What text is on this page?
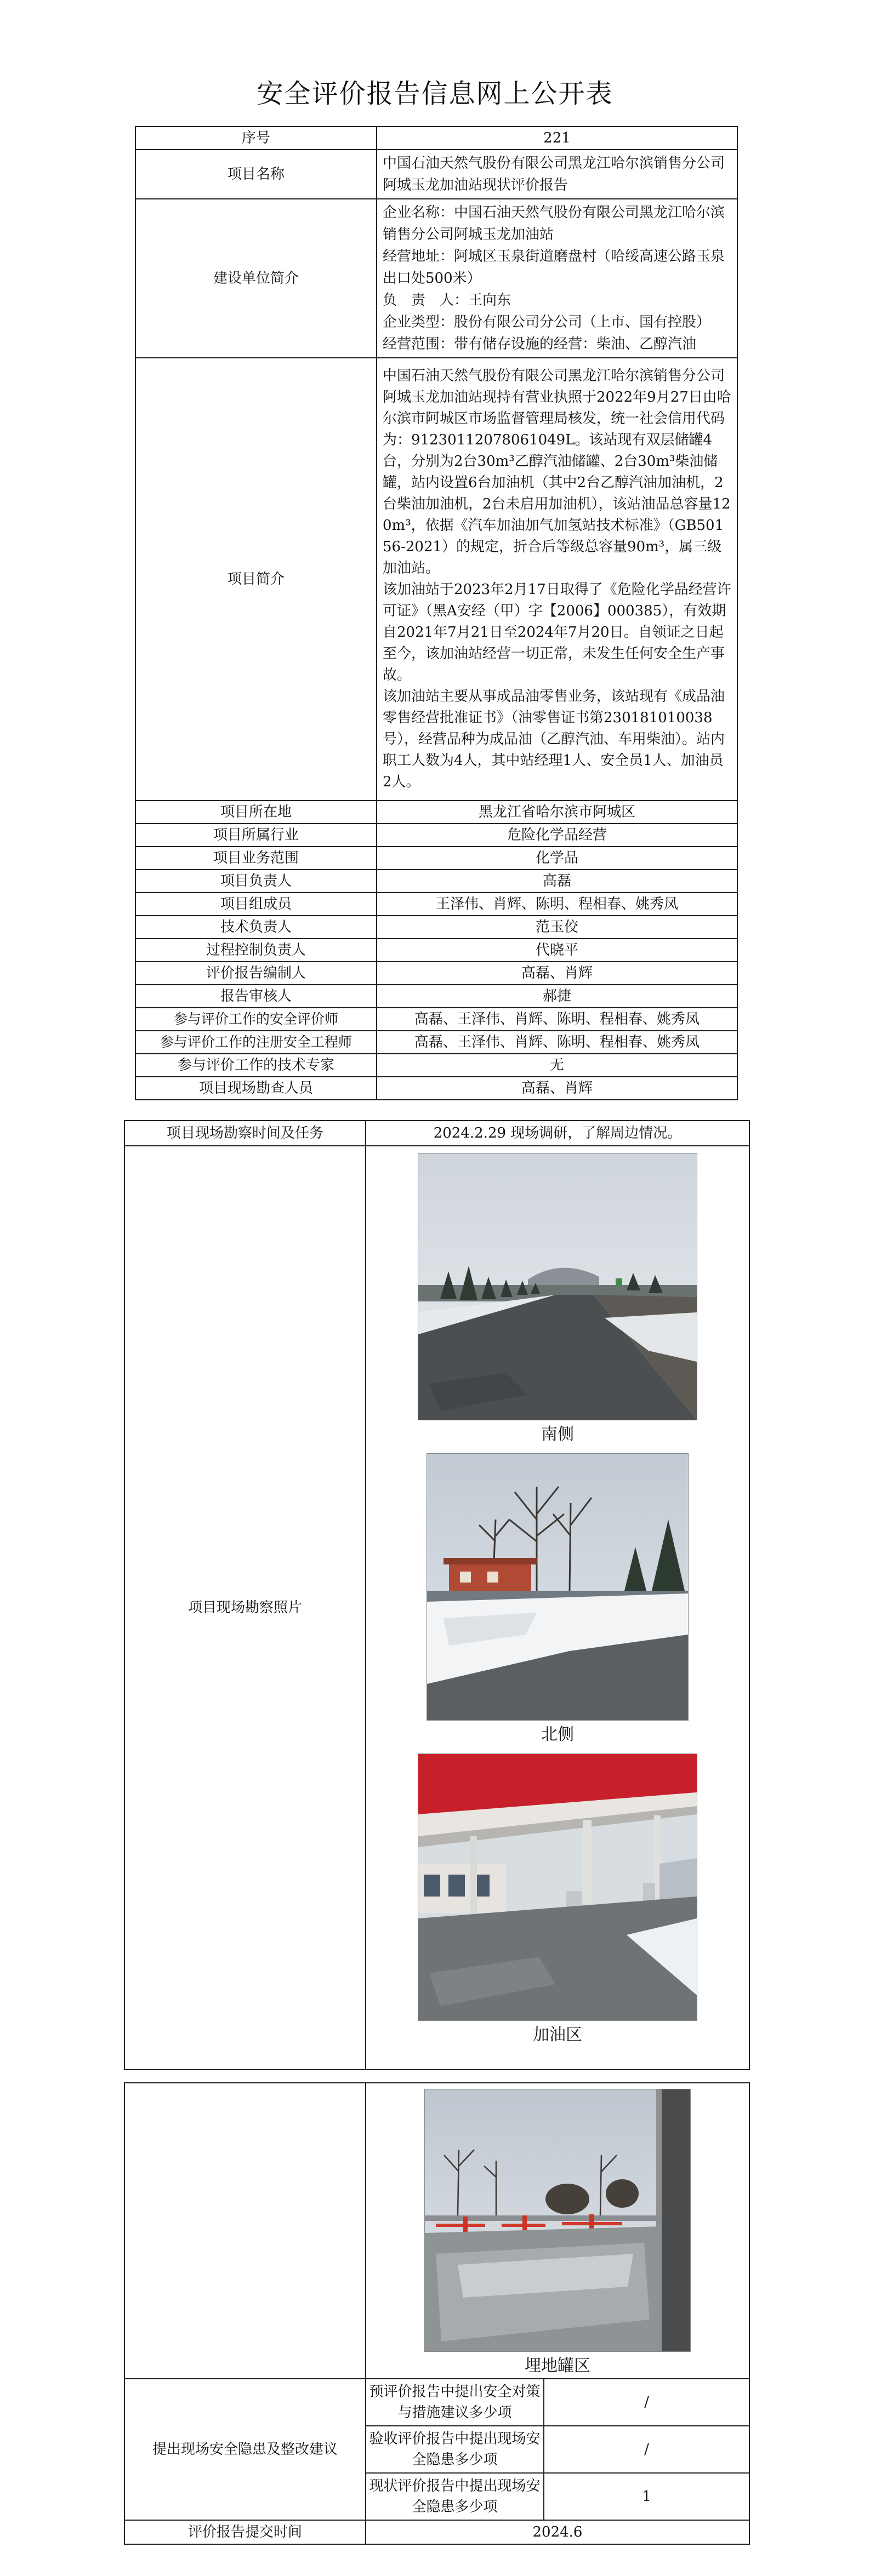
安全评价报告信息网上公开表
序号	221
项目名称	中国石油天然气股份有限公司黑龙江哈尔滨销售分公司阿城玉龙加油站现状评价报告
建设单位简介	企业名称：中国石油天然气股份有限公司黑龙江哈尔滨销售分公司阿城玉龙加油站

经营地址：阿城区玉泉街道磨盘村（哈绥高速公路玉泉出口处500米）

负　责　人：王向东

企业类型：股份有限公司分公司（上市、国有控股）

经营范围：带有储存设施的经营：柴油、乙醇汽油

项目简介	中国石油天然气股份有限公司黑龙江哈尔滨销售分公司阿城玉龙加油站现持有营业执照于2022年9月27日由哈尔滨市阿城区市场监督管理局核发，统一社会信用代码为：91230112078061049L。该站现有双层储罐4台，分别为2台30m³乙醇汽油储罐、2台30m³柴油储罐，站内设置6台加油机（其中2台乙醇汽油加油机，2台柴油加油机，2台未启用加油机），该站油品总容量120m³，依据《汽车加油加气加氢站技术标准》（GB50156-2021）的规定，折合后等级总容量90m³，属三级加油站。

该加油站于2023年2月17日取得了《危险化学品经营许可证》（黑A安经（甲）字【2006】000385），有效期自2021年7月21日至2024年7月20日。自领证之日起至今，该加油站经营一切正常，未发生任何安全生产事故。

该加油站主要从事成品油零售业务，该站现有《成品油零售经营批准证书》（油零售证书第230181010038号），经营品种为成品油（乙醇汽油、车用柴油）。站内职工人数为4人，其中站经理1人、安全员1人、加油员2人。

项目所在地	黑龙江省哈尔滨市阿城区
项目所属行业	危险化学品经营
项目业务范围	化学品
项目负责人	高磊
项目组成员	王泽伟、肖辉、陈明、程相春、姚秀凤
技术负责人	范玉佼
过程控制负责人	代晓平
评价报告编制人	高磊、肖辉
报告审核人	郝捷
参与评价工作的安全评价师	高磊、王泽伟、肖辉、陈明、程相春、姚秀凤
参与评价工作的注册安全工程师	高磊、王泽伟、肖辉、陈明、程相春、姚秀凤
参与评价工作的技术专家	无
项目现场勘查人员	高磊、肖辉
项目现场勘察时间及任务	2024.2.29 现场调研，了解周边情况。
项目现场勘察照片	南侧
北侧
加油区

	埋地罐区	

提出现场安全隐患及整改建议	预评价报告中提出安全对策与措施建议多少项	/
	验收评价报告中提出现场安全隐患多少项	/
	现状评价报告中提出现场安全隐患多少项	1
评价报告提交时间	2024.6	
